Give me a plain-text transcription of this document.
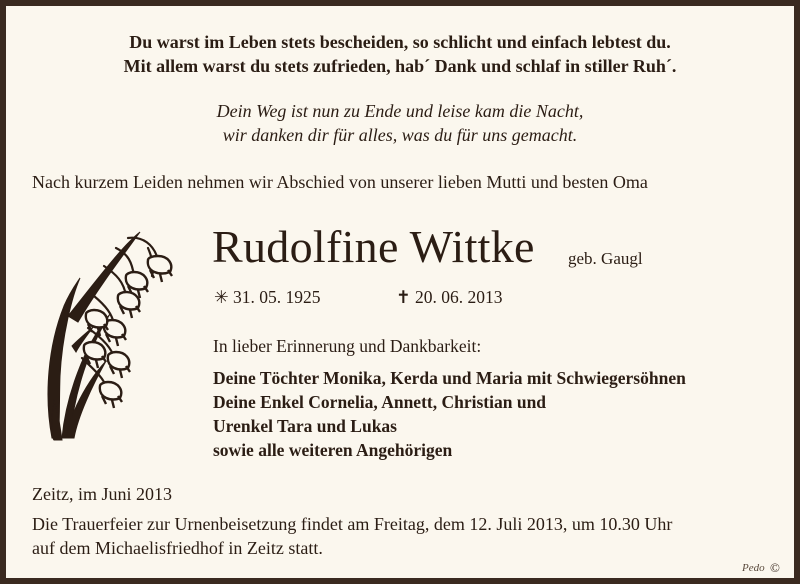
Du warst im Leben stets bescheiden, so schlicht und einfach lebtest du.
Mit allem warst du stets zufrieden, hab´ Dank und schlaf in stiller Ruh´.
Dein Weg ist nun zu Ende und leise kam die Nacht,
wir danken dir für alles, was du für uns gemacht.
Nach kurzem Leiden nehmen wir Abschied von unserer lieben Mutti und besten Oma
Rudolfine Wittke geb. Gaugl
✳ 31. 05. 1925	✝ 20. 06. 2013
In lieber Erinnerung und Dankbarkeit:
Deine Töchter Monika, Kerda und Maria mit Schwiegersöhnen
Deine Enkel Cornelia, Annett, Christian und
Urenkel Tara und Lukas
sowie alle weiteren Angehörigen
Zeitz, im Juni 2013
Die Trauerfeier zur Urnenbeisetzung findet am Freitag, dem 12. Juli 2013, um 10.30 Uhr
auf dem Michaelisfriedhof in Zeitz statt.
Pedo ©
